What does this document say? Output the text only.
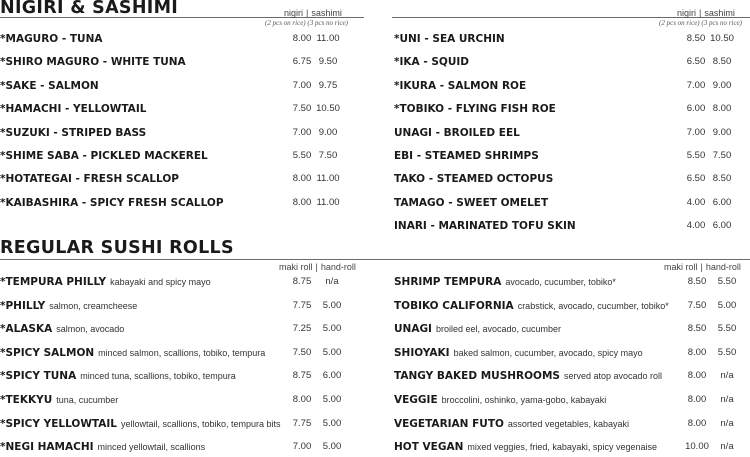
NIGIRI & SASHIMI	nigiri | sashimi
(2 pcs on rice) (3 pcs no rice)
nigiri | sashimi
(2 pcs on rice) (3 pcs no rice)
*MAGURO - TUNA	8.00 11.00
*SHIRO MAGURO - WHITE TUNA	6.75 9.50
*SAKE - SALMON	7.00 9.75
*HAMACHI - YELLOWTAIL	7.50 10.50
*SUZUKI - STRIPED BASS	7.00 9.00
*SHIME SABA - PICKLED MACKEREL	5.50 7.50
*HOTATEGAI - FRESH SCALLOP	8.00 11.00
*KAIBASHIRA - SPICY FRESH SCALLOP	8.00 11.00
*UNI - SEA URCHIN	8.50 10.50
*IKA - SQUID	6.50 8.50
*IKURA - SALMON ROE	7.00 9.00
*TOBIKO - FLYING FISH ROE	6.00 8.00
UNAGI - BROILED EEL	7.00 9.00
EBI - STEAMED SHRIMPS	5.50 7.50
TAKO - STEAMED OCTOPUS	6.50 8.50
TAMAGO - SWEET OMELET	4.00 6.00
INARI - MARINATED TOFU SKIN	4.00 6.00
REGULAR SUSHI ROLLS
maki roll | hand-roll	maki roll | hand-roll
*TEMPURA PHILLY kabayaki and spicy mayo	8.75	n/a
*PHILLY salmon, creamcheese	7.75	5.00
*ALASKA salmon, avocado	7.25	5.00
*SPICY SALMON minced salmon, scallions, tobiko, tempura	7.50	5.00
*SPICY TUNA minced tuna, scallions, tobiko, tempura	8.75	6.00
*TEKKYU tuna, cucumber	8.00	5.00
*SPICY YELLOWTAIL yellowtail, scallions, tobiko, tempura bits	7.75	5.00
*NEGI HAMACHI minced yellowtail, scallions	7.00	5.00
SHRIMP TEMPURA avocado, cucumber, tobiko*	8.50	5.50
TOBIKO CALIFORNIA crabstick, avocado, cucumber, tobiko*	7.50	5.00
UNAGI broiled eel, avocado, cucumber	8.50	5.50
SHIOYAKI baked salmon, cucumber, avocado, spicy mayo	8.00	5.50
TANGY BAKED MUSHROOMS served atop avocado roll	8.00	n/a
VEGGIE broccolini, oshinko, yama-gobo, kabayaki	8.00	n/a
VEGETARIAN FUTO assorted vegetables, kabayaki	8.00	n/a
HOT VEGAN mixed veggies, fried, kabayaki, spicy vegenaise	10.00	n/a
